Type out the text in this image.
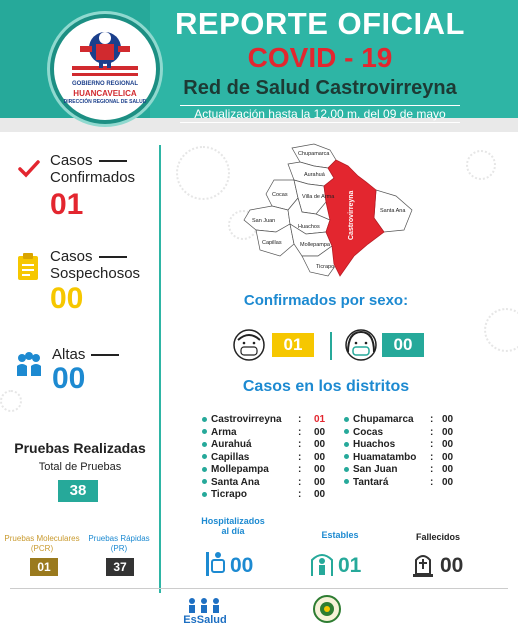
GOBIERNO REGIONAL
HUANCAVELICA
DIRECCIÓN REGIONAL DE SALUD
REPORTE OFICIAL
COVID - 19
Red de Salud Castrovirreyna
Actualización hasta la 12.00 m. del 09 de mayo
Casos
Confirmados
01
Casos
Sospechosos
00
Altas
00
Pruebas Realizadas
Total de Pruebas
38
Pruebas Moleculares
(PCR)
01
Pruebas Rápidas
(PR)
37
Chupamarca
Aurahuá
Villa de Arma
Cocas
Santa Ana
San Juan
Huachos
Capillas	Mollepampa
Ticrapo
Castrovirreyna
Confirmados por sexo:
01	00
Casos en los distritos
Castrovirreyna : 01
Arma	: 00
Aurahuá	: 00
Capillas	: 00
Mollepampa	: 00
Santa Ana	: 00
Ticrapo	: 00
Chupamarca : 00
Cocas	: 00
Huachos	: 00
Huamatambo : 00
San Juan	: 00
Tantará	: 00
Hospitalizados
al día
00
Estables
01
Fallecidos
00
EsSalud
